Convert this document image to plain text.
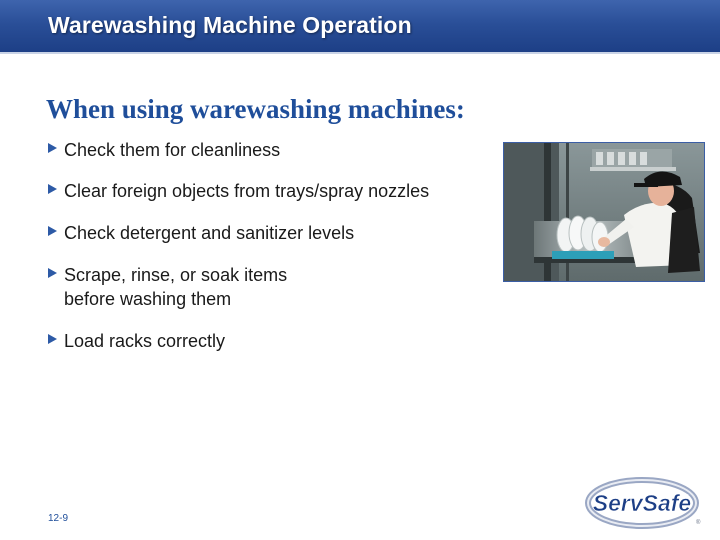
Warewashing Machine Operation
When using warewashing machines:
Check them for cleanliness
Clear foreign objects from trays/spray nozzles
Check detergent and sanitizer levels
Scrape, rinse, or soak items
before washing them
Load racks correctly
12-9
ServSafe
®
